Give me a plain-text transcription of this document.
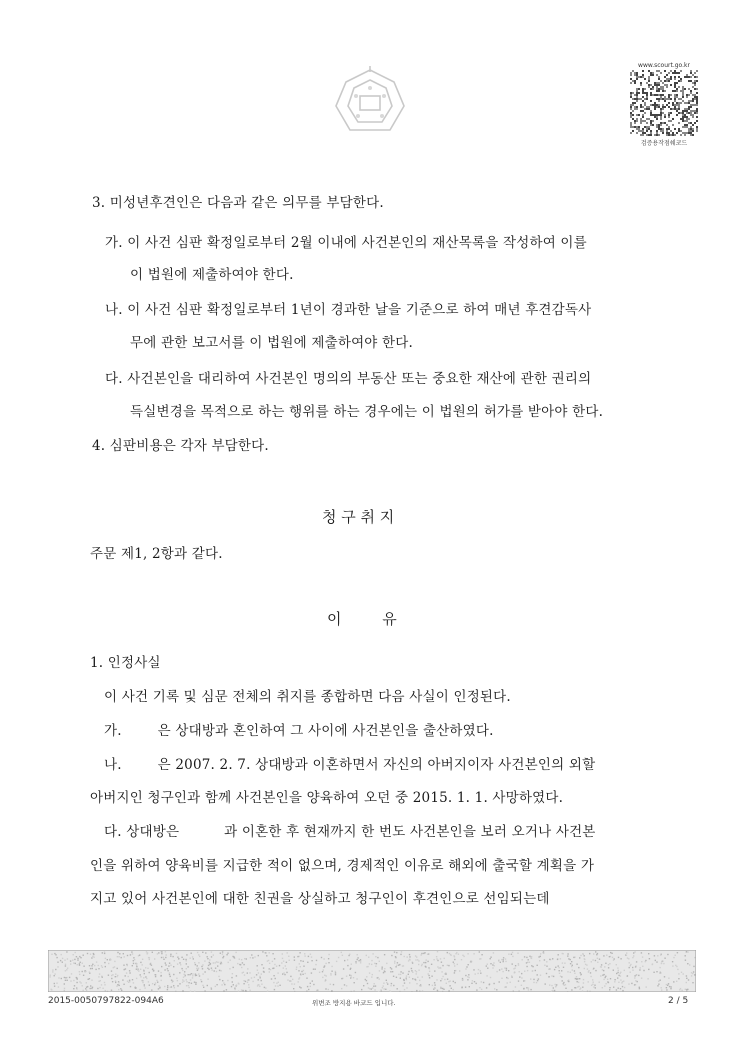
www.scourt.go.kr
검증용작점쉐코드
3. 미성년후견인은 다음과 같은 의무를 부담한다.
가. 이 사건 심판 확정일로부터 2월 이내에 사건본인의 재산목록을 작성하여 이를
이 법원에 제출하여야 한다.
나. 이 사건 심판 확정일로부터 1년이 경과한 날을 기준으로 하여 매년 후견감독사
무에 관한 보고서를 이 법원에 제출하여야 한다.
다. 사건본인을 대리하여 사건본인 명의의 부동산 또는 중요한 재산에 관한 권리의
득실변경을 목적으로 하는 행위를 하는 경우에는 이 법원의 허가를 받아야 한다.
4. 심판비용은 각자 부담한다.
청 구 취 지
주문 제1, 2항과 같다.
이 유
1. 인정사실
이 사건 기록 및 심문 전체의 취지를 종합하면 다음 사실이 인정된다.
가.        은 상대방과 혼인하여 그 사이에 사건본인을 출산하였다.
나.        은 2007. 2. 7. 상대방과 이혼하면서 자신의 아버지이자 사건본인의 외할
아버지인 청구인과 함께 사건본인을 양육하여 오던 중 2015. 1. 1. 사망하였다.
다. 상대방은          과 이혼한 후 현재까지 한 번도 사건본인을 보러 오거나 사건본
인을 위하여 양육비를 지급한 적이 없으며, 경제적인 이유로 해외에 출국할 계획을 가
지고 있어 사건본인에 대한 친권을 상실하고 청구인이 후견인으로 선임되는데
2015-0050797822-094A6	위변조 방지용 바코드 입니다.	2 / 5
